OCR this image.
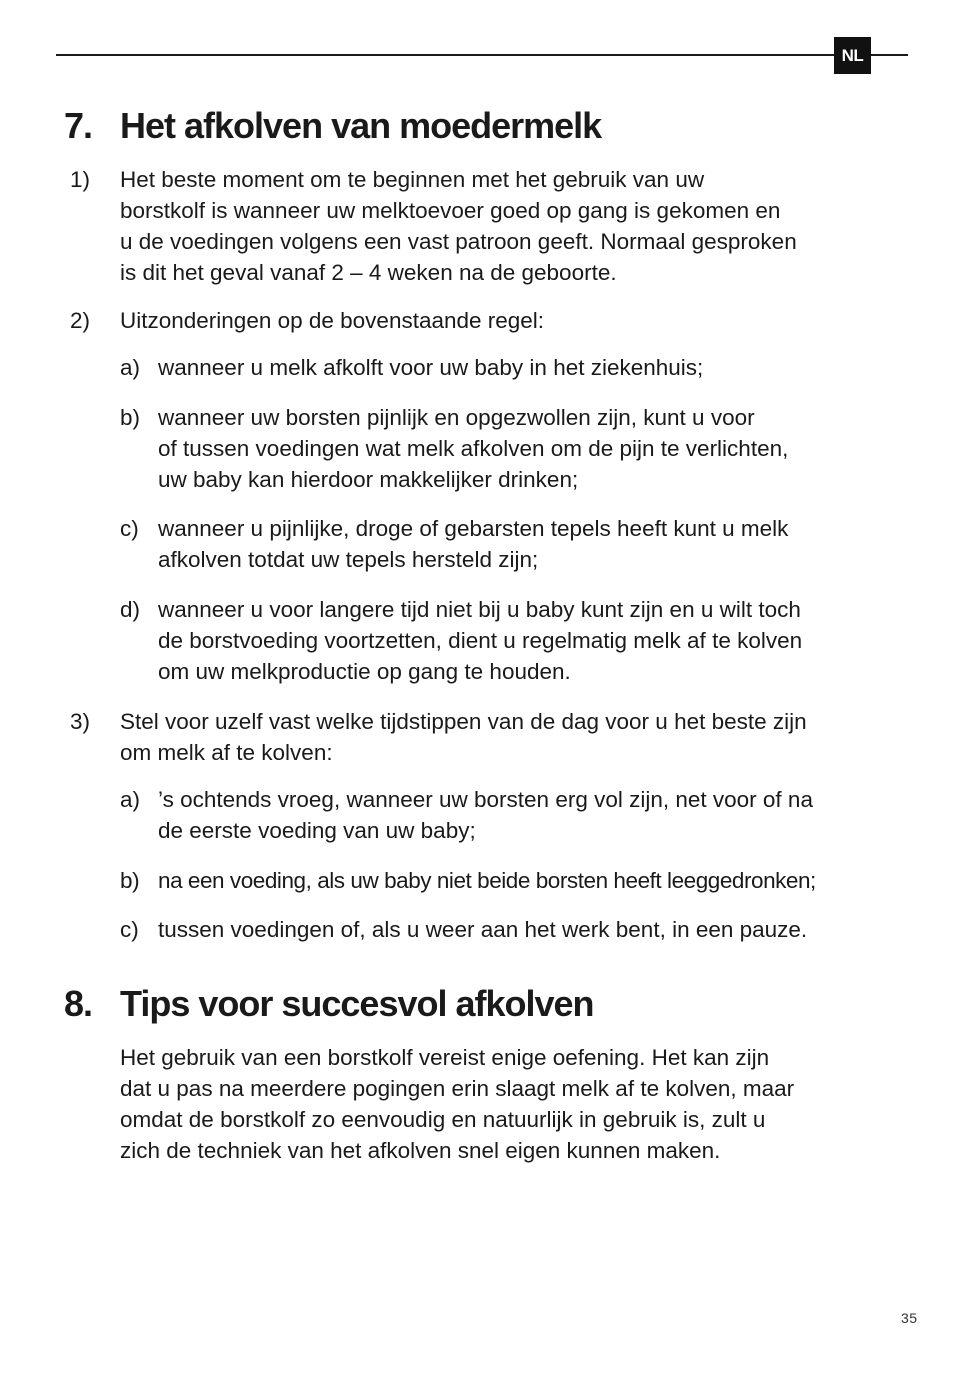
NL
7. Het afkolven van moedermelk
1) Het beste moment om te beginnen met het gebruik van uw
borstkolf is wanneer uw melktoevoer goed op gang is gekomen en
u de voedingen volgens een vast patroon geeft. Normaal gesproken
is dit het geval vanaf 2 – 4 weken na de geboorte.
2) Uitzonderingen op de bovenstaande regel:
a) wanneer u melk afkolft voor uw baby in het ziekenhuis;
b) wanneer uw borsten pijnlijk en opgezwollen zijn, kunt u voor
of tussen voedingen wat melk afkolven om de pijn te verlichten,
uw baby kan hierdoor makkelijker drinken;
c) wanneer u pijnlijke, droge of gebarsten tepels heeft kunt u melk
afkolven totdat uw tepels hersteld zijn;
d) wanneer u voor langere tijd niet bij u baby kunt zijn en u wilt toch
de borstvoeding voortzetten, dient u regelmatig melk af te kolven
om uw melkproductie op gang te houden.
3) Stel voor uzelf vast welke tijdstippen van de dag voor u het beste zijn
om melk af te kolven:
a) ’s ochtends vroeg, wanneer uw borsten erg vol zijn, net voor of na
de eerste voeding van uw baby;
b) na een voeding, als uw baby niet beide borsten heeft leeggedronken;
c) tussen voedingen of, als u weer aan het werk bent, in een pauze.
8. Tips voor succesvol afkolven
Het gebruik van een borstkolf vereist enige oefening. Het kan zijn
dat u pas na meerdere pogingen erin slaagt melk af te kolven, maar
omdat de borstkolf zo eenvoudig en natuurlijk in gebruik is, zult u
zich de techniek van het afkolven snel eigen kunnen maken.
35
